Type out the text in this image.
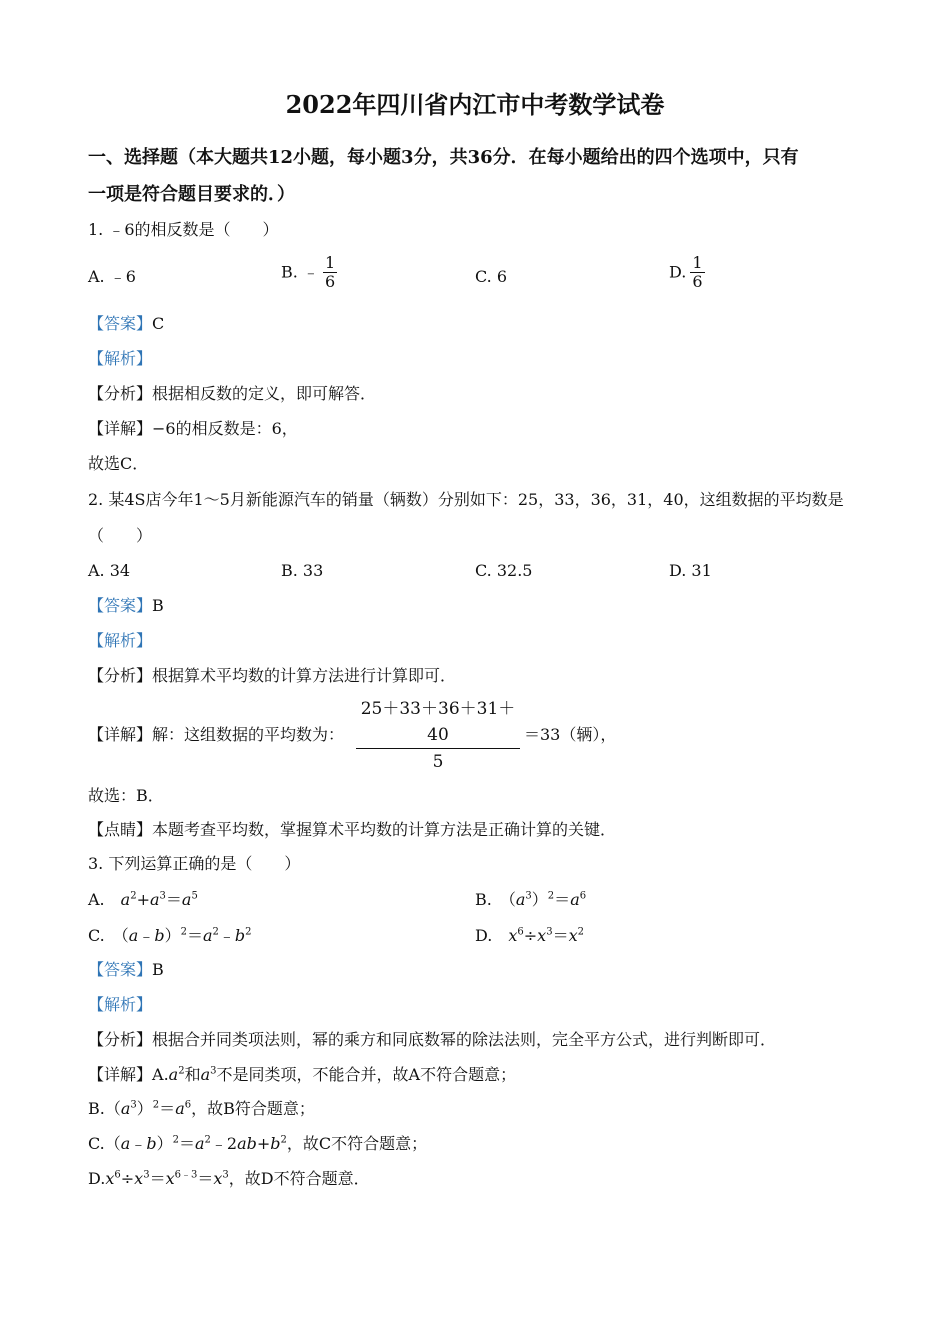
2022年四川省内江市中考数学试卷
一、选择题（本大题共12小题，每小题3分，共36分．在每小题给出的四个选项中，只有
一项是符合题目要求的．）
1. ﹣6的相反数是（　　）
A. ﹣6	B. ﹣ $\frac{1}{6}$	C. 6	D. $\frac{1}{6}$
【答案】C
【解析】
【分析】根据相反数的定义，即可解答．
【详解】−6的相反数是：6，
故选C．
2. 某4S店今年1～5月新能源汽车的销量（辆数）分别如下：25，33，36，31，40，这组数据的平均数是
（　　）
A. 34	B. 33	C. 32.5	D. 31
【答案】B
【解析】
【分析】根据算术平均数的计算方法进行计算即可．
【详解】解：这组数据的平均数为： $\frac{25+33+36+31+40}{5} =33$（辆），
故选：B．
【点睛】本题考查平均数，掌握算术平均数的计算方法是正确计算的关键．
3. 下列运算正确的是（　　）
A.　$a^2+a^3=a^5$	B.　$(a^3)^2=a^6$
C.　$(a﹣b)^2=a^2﹣b^2$	D.　$x^6\div x^3=x^2$
【答案】B
【解析】
【分析】根据合并同类项法则，幂的乘方和同底数幂的除法法则，完全平方公式，进行判断即可．
【详解】$A.a^2$和$a^3$不是同类项，不能合并，故A不符合题意；
$B.(a^3)^2=a^6$，故B符合题意；
$C.(a﹣b)^2=a^2﹣2ab+b^2$，故C不符合题意；
$D.x^6\div x^3=x^{6﹣3}=x^3$，故D不符合题意．
